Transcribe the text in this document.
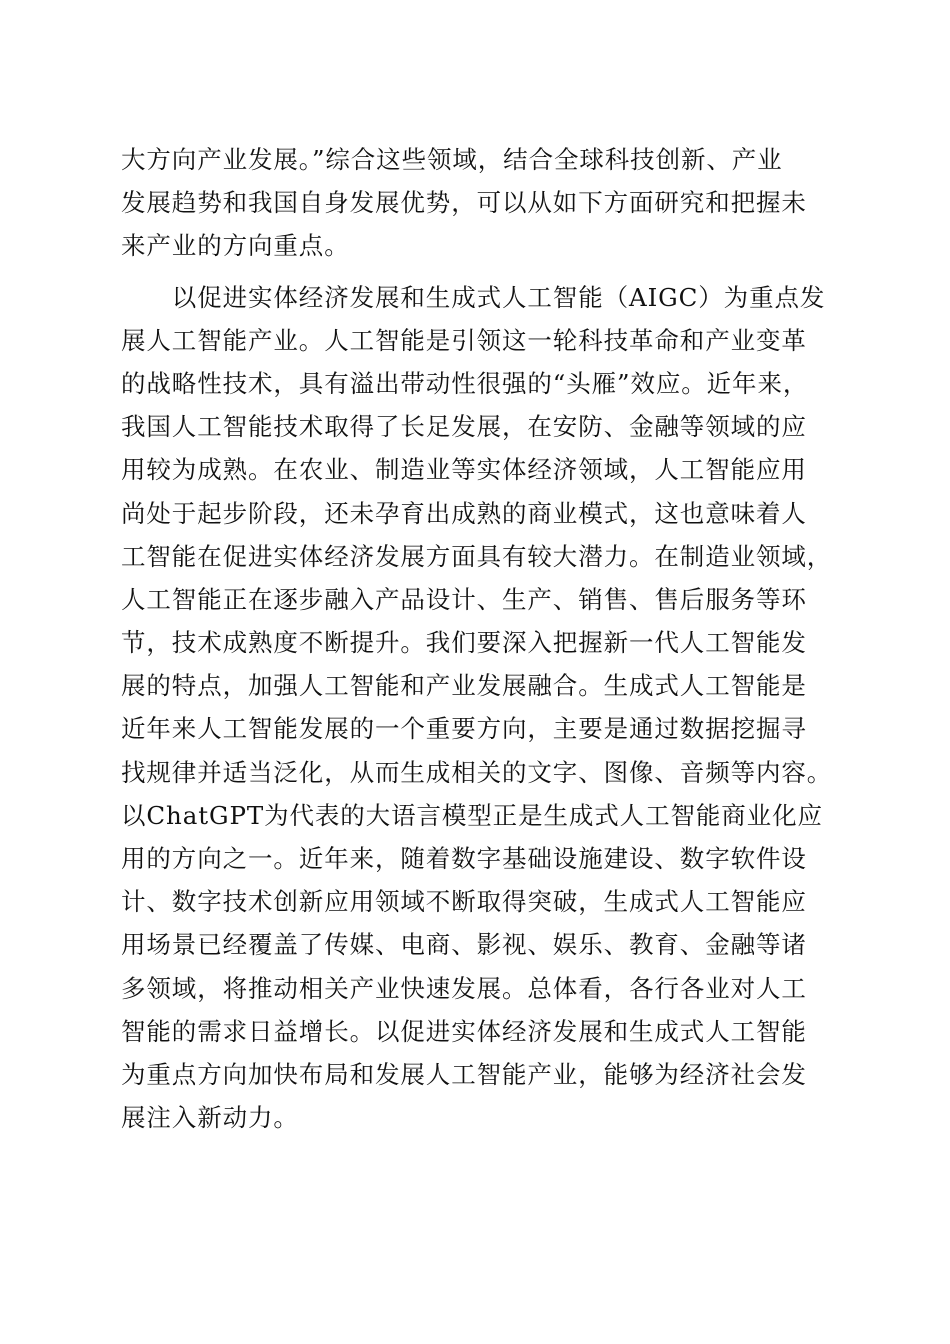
大方向产业发展。”综合这些领域，结合全球科技创新、产业
发展趋势和我国自身发展优势，可以从如下方面研究和把握未
来产业的方向重点。
　　以促进实体经济发展和生成式人工智能（AIGC）为重点发
展人工智能产业。人工智能是引领这一轮科技革命和产业变革
的战略性技术，具有溢出带动性很强的“头雁”效应。近年来，
我国人工智能技术取得了长足发展，在安防、金融等领域的应
用较为成熟。在农业、制造业等实体经济领域，人工智能应用
尚处于起步阶段，还未孕育出成熟的商业模式，这也意味着人
工智能在促进实体经济发展方面具有较大潜力。在制造业领域，
人工智能正在逐步融入产品设计、生产、销售、售后服务等环
节，技术成熟度不断提升。我们要深入把握新一代人工智能发
展的特点，加强人工智能和产业发展融合。生成式人工智能是
近年来人工智能发展的一个重要方向，主要是通过数据挖掘寻
找规律并适当泛化，从而生成相关的文字、图像、音频等内容。
以ChatGPT为代表的大语言模型正是生成式人工智能商业化应
用的方向之一。近年来，随着数字基础设施建设、数字软件设
计、数字技术创新应用领域不断取得突破，生成式人工智能应
用场景已经覆盖了传媒、电商、影视、娱乐、教育、金融等诸
多领域，将推动相关产业快速发展。总体看，各行各业对人工
智能的需求日益增长。以促进实体经济发展和生成式人工智能
为重点方向加快布局和发展人工智能产业，能够为经济社会发
展注入新动力。
